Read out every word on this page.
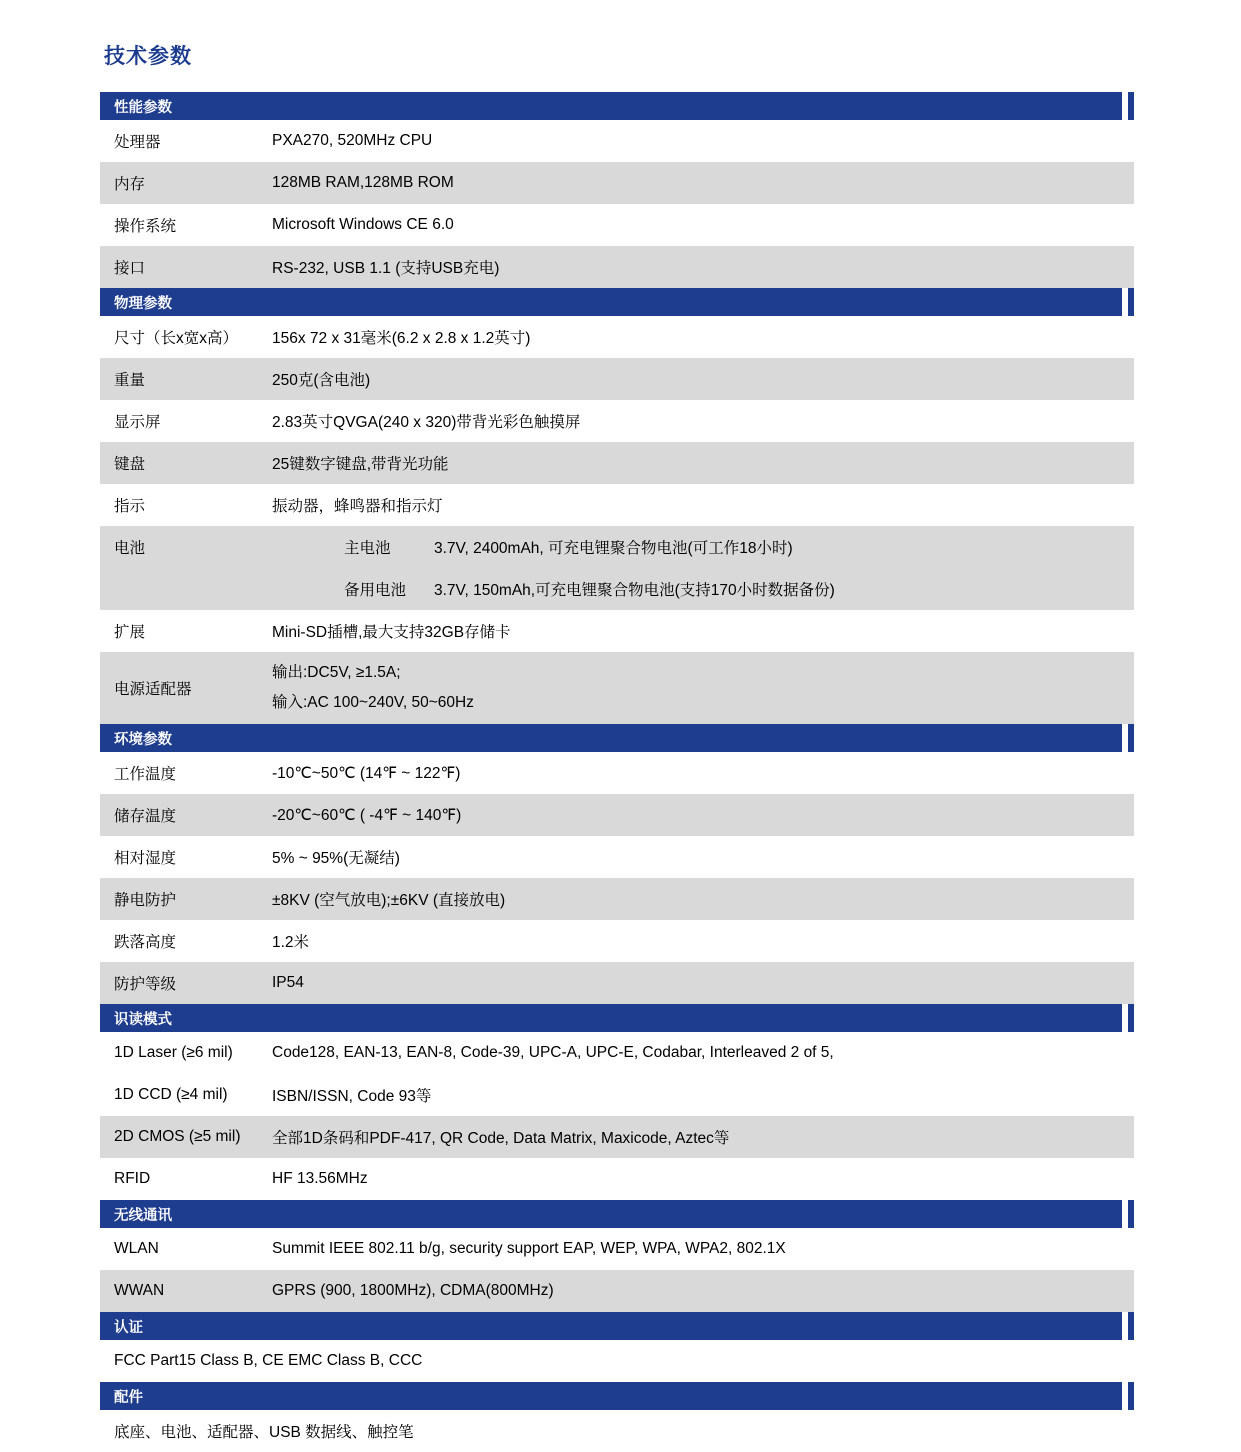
技术参数
性能参数		

处理器	PXA270, 520MHz CPU	
内存	128MB RAM,128MB ROM	
操作系统	Microsoft Windows CE 6.0	
接口	RS-232, USB 1.1 (支持USB充电)	
物理参数		

尺寸（长x宽x高）	156x 72 x 31毫米(6.2 x 2.8 x 1.2英寸)	
重量	250克(含电池)	
显示屏	2.83英寸QVGA(240 x 320)带背光彩色触摸屏	
键盘	25键数字键盘,带背光功能	
指示	振动器，蜂鸣器和指示灯	
电池	主电池	3.7V, 2400mAh, 可充电锂聚合物电池(可工作18小时)
	备用电池	3.7V, 150mAh,可充电锂聚合物电池(支持170小时数据备份)
扩展	Mini-SD插槽,最大支持32GB存储卡	
电源适配器	输出:DC5V, ≥1.5A;
输入:AC 100~240V, 50~60Hz	

环境参数		

工作温度	-10℃~50℃ (14℉ ~ 122℉)	
储存温度	-20℃~60℃ ( -4℉ ~ 140℉)	
相对湿度	5% ~ 95%(无凝结)	
静电防护	±8KV (空气放电);±6KV (直接放电)	
跌落高度	1.2米	
防护等级	IP54	
识读模式		

1D Laser (≥6 mil)	Code128, EAN-13, EAN-8, Code-39, UPC-A, UPC-E, Codabar, Interleaved 2 of 5,	
1D CCD (≥4 mil)	ISBN/ISSN, Code 93等	
2D CMOS (≥5 mil)	全部1D条码和PDF-417, QR Code, Data Matrix, Maxicode, Aztec等	
RFID	HF 13.56MHz	
无线通讯		

WLAN	Summit IEEE 802.11 b/g, security support EAP, WEP, WPA, WPA2, 802.1X	
WWAN	GPRS (900, 1800MHz), CDMA(800MHz)	
认证		

FCC Part15 Class B, CE EMC Class B, CCC		
配件		

底座、电池、适配器、USB 数据线、触控笔		
